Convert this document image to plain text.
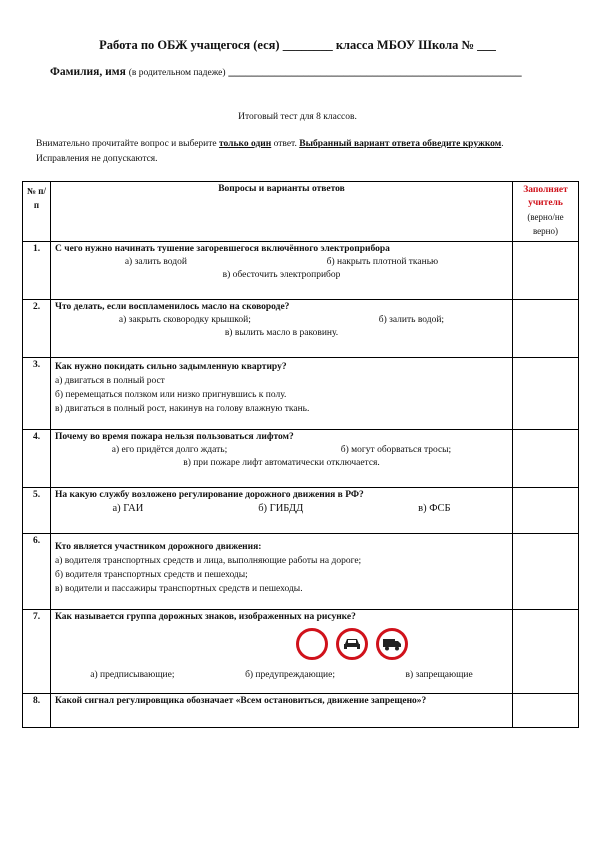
Работа по ОБЖ учащегося (еся) ________ класса МБОУ Школа № ___
Фамилия, имя (в родительном падеже) ___________________________________________________
Итоговый тест для 8 классов.
Внимательно прочитайте вопрос и выберите только один ответ. Выбранный вариант ответа обведите кружком. Исправления не допускаются.
№ п/п	Вопросы и варианты ответов	Заполняет учитель
(верно/не верно)

1.	С чего нужно начинать тушение загоревшегося включённого электроприбора
а) залить водой б) накрыть плотной тканью
в) обесточить электроприбор	

2.	Что делать, если воспламенилось масло на сковороде?
а) закрыть сковородку крышкой; б) залить водой;
в) вылить масло в раковину.	

3.	Как нужно покидать сильно задымленную квартиру?
а) двигаться в полный рост
б) перемещаться ползком или низко пригнувшись к полу.
в) двигаться в полный рост, накинув на голову влажную ткань.	

4.	Почему во время пожара нельзя пользоваться лифтом?
а) его придётся долго ждать; б) могут оборваться тросы;
в) при пожаре лифт автоматически отключается.	

5.	На какую службу возложено регулирование дорожного движения в РФ?
а) ГАИ б) ГИБДД в) ФСБ	

6.	Кто является участником дорожного движения:
а) водителя транспортных средств и лица, выполняющие работы на дороге;
б) водителя транспортных средств и пешеходы;
в) водители и пассажиры транспортных средств и пешеходы.	

7.	Как называется группа дорожных знаков, изображенных на рисунке?
а) предписывающие; б) предупреждающие; в) запрещающие	

8.	Какой сигнал регулировщика обозначает «Всем остановиться, движение запрещено»?	
